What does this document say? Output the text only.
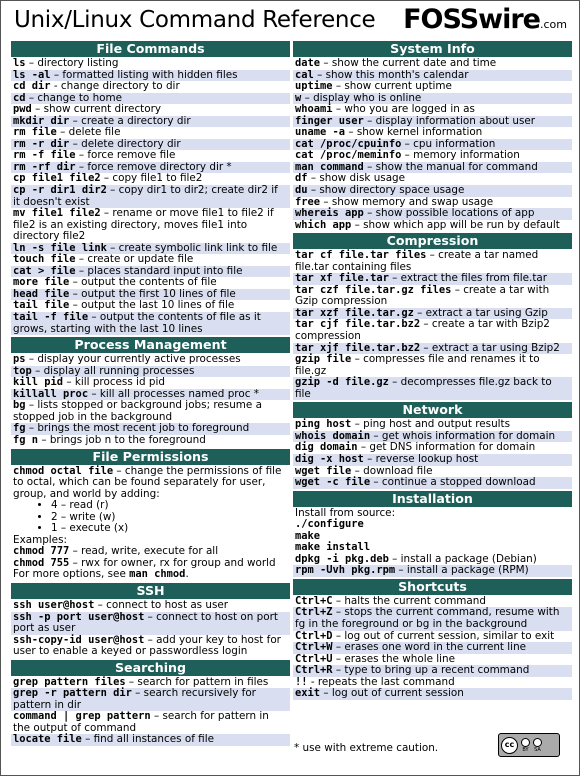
Unix/Linux Command Reference FOSSwire.com
File Commands
ls – directory listing
ls -al – formatted listing with hidden files
cd dir - change directory to dir
cd – change to home
pwd – show current directory
mkdir dir – create a directory dir
rm file – delete file
rm -r dir – delete directory dir
rm -f file – force remove file
rm -rf dir – force remove directory dir *
cp file1 file2 – copy file1 to file2
cp -r dir1 dir2 – copy dir1 to dir2; create dir2 if it doesn't exist
mv file1 file2 – rename or move file1 to file2 if file2 is an existing directory, moves file1 into directory file2
ln -s file link – create symbolic link link to file
touch file – create or update file
cat > file – places standard input into file
more file – output the contents of file
head file – output the first 10 lines of file
tail file – output the last 10 lines of file
tail -f file – output the contents of file as it grows, starting with the last 10 lines
Process Management
ps – display your currently active processes
top – display all running processes
kill pid – kill process id pid
killall proc – kill all processes named proc *
bg – lists stopped or background jobs; resume a stopped job in the background
fg – brings the most recent job to foreground
fg n – brings job n to the foreground
File Permissions
chmod octal file – change the permissions of file to octal, which can be found separately for user, group, and world by adding:
• 4 – read (r)
• 2 – write (w)
• 1 – execute (x)
Examples:
chmod 777 – read, write, execute for all
chmod 755 – rwx for owner, rx for group and world
For more options, see man chmod.
SSH
ssh user@host – connect to host as user
ssh -p port user@host – connect to host on port port as user
ssh-copy-id user@host – add your key to host for user to enable a keyed or passwordless login
Searching
grep pattern files – search for pattern in files
grep -r pattern dir – search recursively for pattern in dir
command | grep pattern – search for pattern in the output of command
locate file – find all instances of file
System Info
date – show the current date and time
cal – show this month's calendar
uptime – show current uptime
w – display who is online
whoami – who you are logged in as
finger user – display information about user
uname -a – show kernel information
cat /proc/cpuinfo – cpu information
cat /proc/meminfo – memory information
man command – show the manual for command
df – show disk usage
du – show directory space usage
free – show memory and swap usage
whereis app – show possible locations of app
which app – show which app will be run by default
Compression
tar cf file.tar files – create a tar named file.tar containing files
tar xf file.tar – extract the files from file.tar
tar czf file.tar.gz files – create a tar with Gzip compression
tar xzf file.tar.gz – extract a tar using Gzip
tar cjf file.tar.bz2 – create a tar with Bzip2 compression
tar xjf file.tar.bz2 – extract a tar using Bzip2
gzip file – compresses file and renames it to file.gz
gzip -d file.gz – decompresses file.gz back to file
Network
ping host – ping host and output results
whois domain – get whois information for domain
dig domain – get DNS information for domain
dig -x host – reverse lookup host
wget file – download file
wget -c file – continue a stopped download
Installation
Install from source:
./configure
make
make install
dpkg -i pkg.deb – install a package (Debian)
rpm -Uvh pkg.rpm – install a package (RPM)
Shortcuts
Ctrl+C – halts the current command
Ctrl+Z – stops the current command, resume with fg in the foreground or bg in the background
Ctrl+D – log out of current session, similar to exit
Ctrl+W – erases one word in the current line
Ctrl+U – erases the whole line
Ctrl+R – type to bring up a recent command
!! - repeats the last command
exit – log out of current session
* use with extreme caution.	cc
BY SA
